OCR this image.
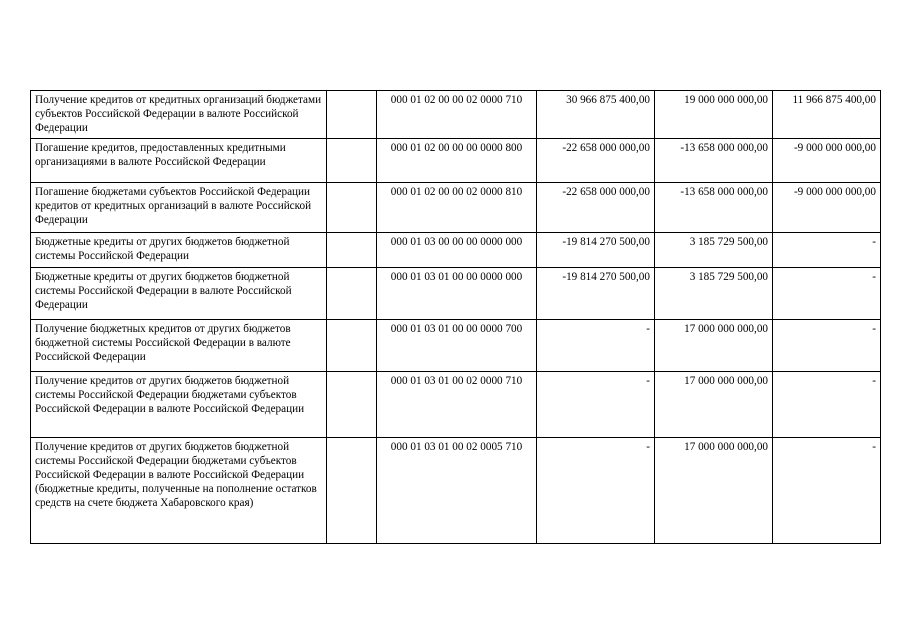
Получение кредитов от кредитных организаций бюджетами субъектов Российской Федерации в валюте Российской Федерации		000 01 02 00 00 02 0000 710	30 966 875 400,00	19 000 000 000,00	11 966 875 400,00
Погашение кредитов, предоставленных кредитными организациями в валюте Российской Федерации		000 01 02 00 00 00 0000 800	-22 658 000 000,00	-13 658 000 000,00	-9 000 000 000,00
Погашение бюджетами субъектов Российской Федерации кредитов от кредитных организаций в валюте Российской Федерации		000 01 02 00 00 02 0000 810	-22 658 000 000,00	-13 658 000 000,00	-9 000 000 000,00
Бюджетные кредиты от других бюджетов бюджетной системы Российской Федерации		000 01 03 00 00 00 0000 000	-19 814 270 500,00	3 185 729 500,00	-
Бюджетные кредиты от других бюджетов бюджетной системы Российской Федерации в валюте Российской Федерации		000 01 03 01 00 00 0000 000	-19 814 270 500,00	3 185 729 500,00	-
Получение бюджетных кредитов от других бюджетов бюджетной системы Российской Федерации в валюте Российской Федерации		000 01 03 01 00 00 0000 700	-	17 000 000 000,00	-
Получение кредитов от других бюджетов бюджетной системы Российской Федерации бюджетами субъектов Российской Федерации в валюте Российской Федерации		000 01 03 01 00 02 0000 710	-	17 000 000 000,00	-
Получение кредитов от других бюджетов бюджетной системы Российской Федерации бюджетами субъектов Российской Федерации в валюте Российской Федерации (бюджетные кредиты, полученные на пополнение остатков средств на счете бюджета Хабаровского края)		000 01 03 01 00 02 0005 710	-	17 000 000 000,00	-
